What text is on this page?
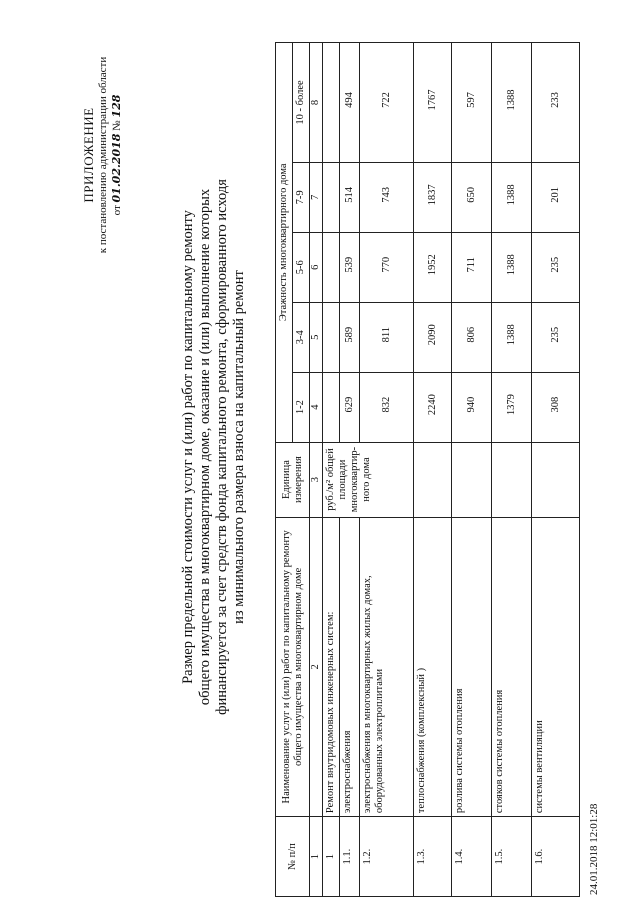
ПРИЛОЖЕНИЕ к постановлению администрации области от 01.02.2018 № 128
Размер предельной стоимости услуг и (или) работ по капитальному ремонту общего имущества в многоквартирном доме, оказание и (или) выполнение которых финансируется за счет средств фонда капитального ремонта, сформированного исходя из минимального размера взноса на капитальный ремонт
№ п/п	Наименование услуг и (или) работ по капитальному ремонту общего имущества в многоквартирном доме	Единица измерения	Этажность многоквартирного дома				
			1-2	3-4	5-6	7-9	10 - более
1	2	3	4	5	6	7	8
1	Ремонт внутридомовых инженерных систем:	руб./м² общей площади многоквартир-ного дома					
1.1.	электроснабжения		629	589	539	514	494
1.2.	электроснабжения в многоквартирных жилых домах, оборудованных электроплитами		832	811	770	743	722
1.3.	теплоснабжения (комплексный )		2240	2090	1952	1837	1767
1.4.	розлива системы отопления		940	806	711	650	597
1.5.	стояков системы отопления		1379	1388	1388	1388	1388
1.6.	системы вентиляции		308	235	235	201	233
24.01.2018 12:01:28
